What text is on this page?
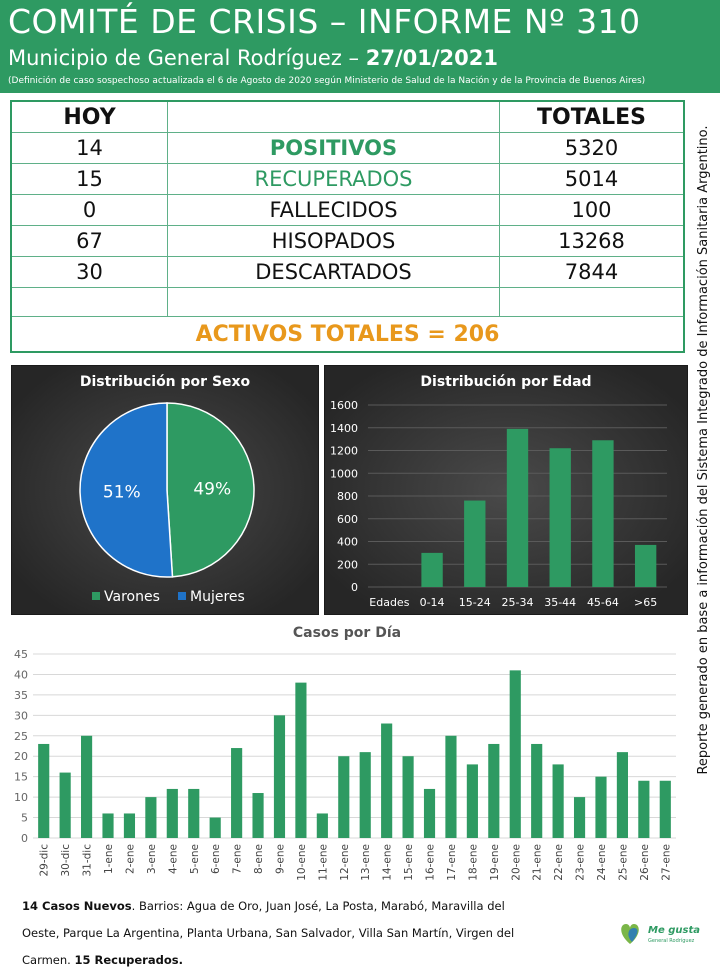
COMITÉ DE CRISIS – INFORME Nº 310
Municipio de General Rodríguez – 27/01/2021
(Definición de caso sospechoso actualizada el 6 de Agosto de 2020 según Ministerio de Salud de la Nación y de la Provincia de Buenos Aires)
HOY		TOTALES
14	POSITIVOS	5320
15	RECUPERADOS	5014
0	FALLECIDOS	100
67	HISOPADOS	13268
30	DESCARTADOS	7844

ACTIVOS TOTALES = 206		
Distribución por Sexo
49%
51%
Varones Mujeres
Distribución por Edad
0
200
400
600
800
1000
1200
1400
1600
Edades 0-14 15-24 25-34 35-44 45-64 >65
Casos por Día
0
5
10
15
20
25
30
35
40
45
29-dic 30-dic 31-dic 1-ene 2-ene 3-ene 4-ene 5-ene 6-ene 7-ene 8-ene 9-ene 10-ene 11-ene 12-ene 13-ene 14-ene 15-ene 16-ene 17-ene 18-ene 19-ene 20-ene 21-ene 22-ene 23-ene 24-ene 25-ene 26-ene 27-ene
Reporte generado en base a información del Sistema Integrado de Información Sanitaria Argentino.
14 Casos Nuevos. Barrios: Agua de Oro, Juan José, La Posta, Marabó, Maravilla del Oeste, Parque La Argentina, Planta Urbana, San Salvador, Villa San Martín, Virgen del Carmen. 15 Recuperados.
Me gusta
General Rodríguez
